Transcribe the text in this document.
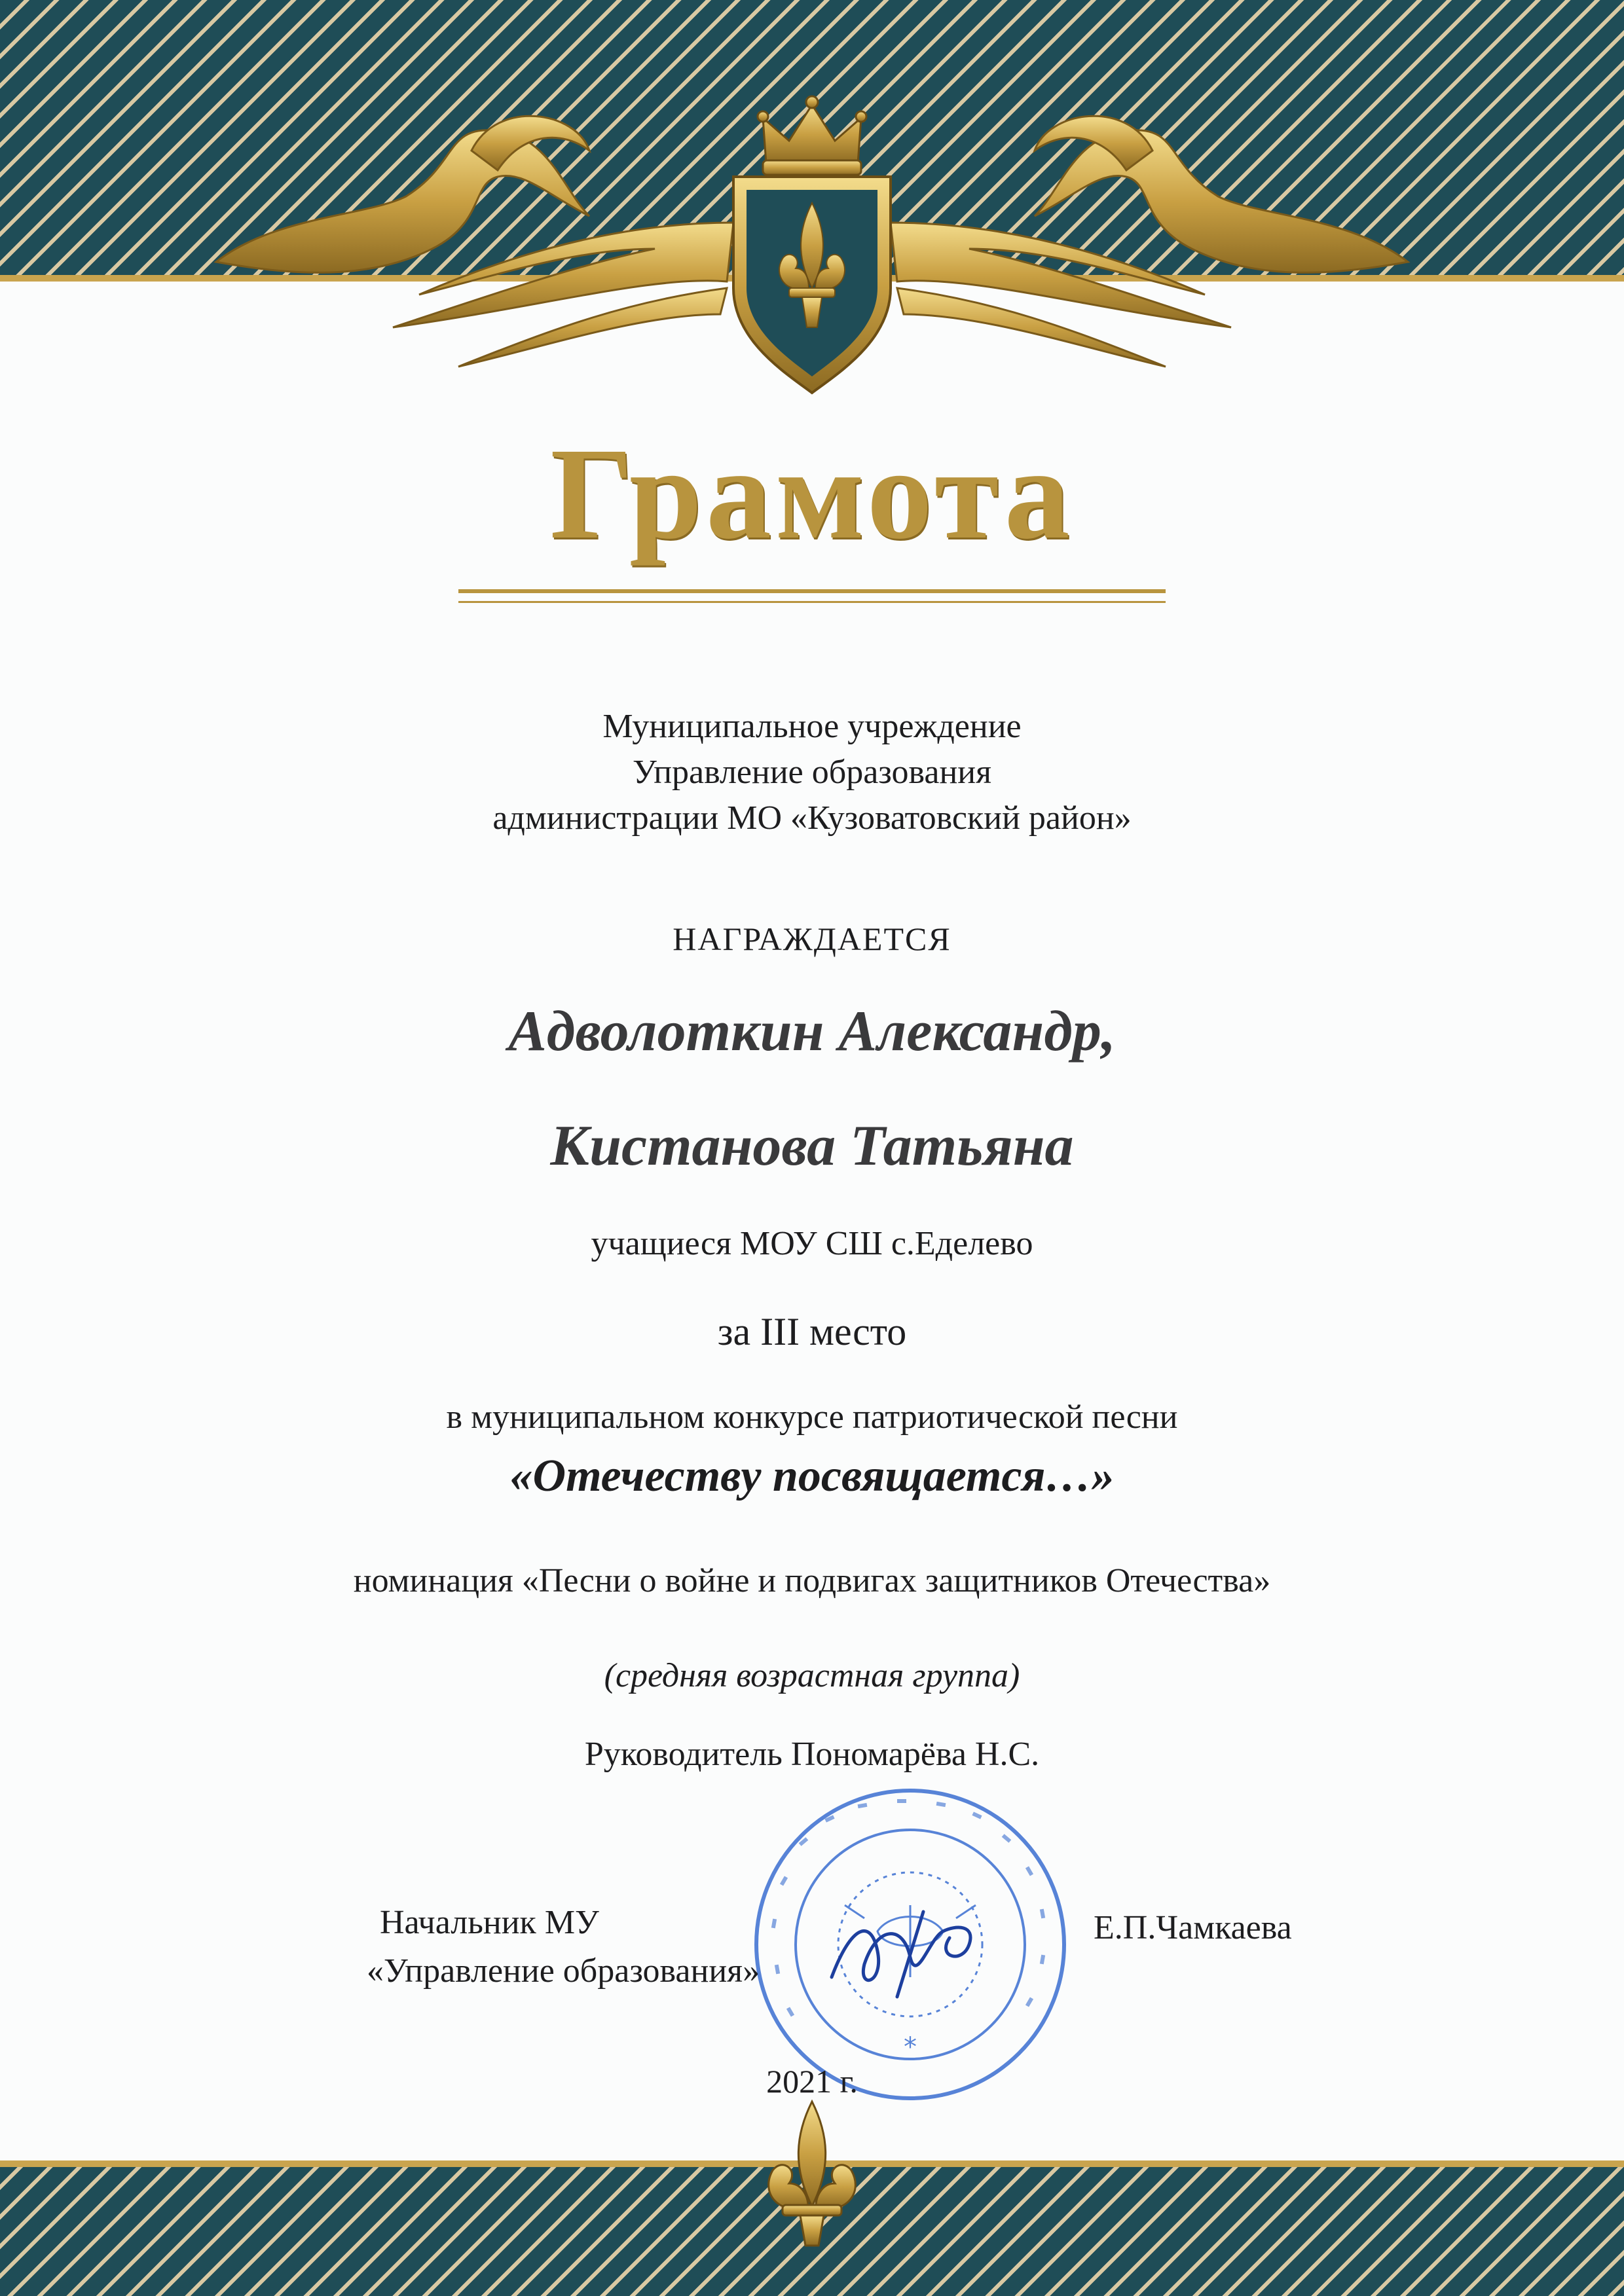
Грамота
Муниципальное учреждение
Управление образования
администрации МО «Кузоватовский район»
НАГРАЖДАЕТСЯ
Адволоткин Александр,
Кистанова Татьяна
учащиеся МОУ СШ с.Еделево
за III место
в муниципальном конкурсе патриотической песни
«Отечеству посвящается…»
номинация «Песни о войне и подвигах защитников Отечества»
(средняя возрастная группа)
Руководитель Пономарёва Н.С.
*
Начальник МУ
«Управление образования»
Е.П.Чамкаева
2021 г.
